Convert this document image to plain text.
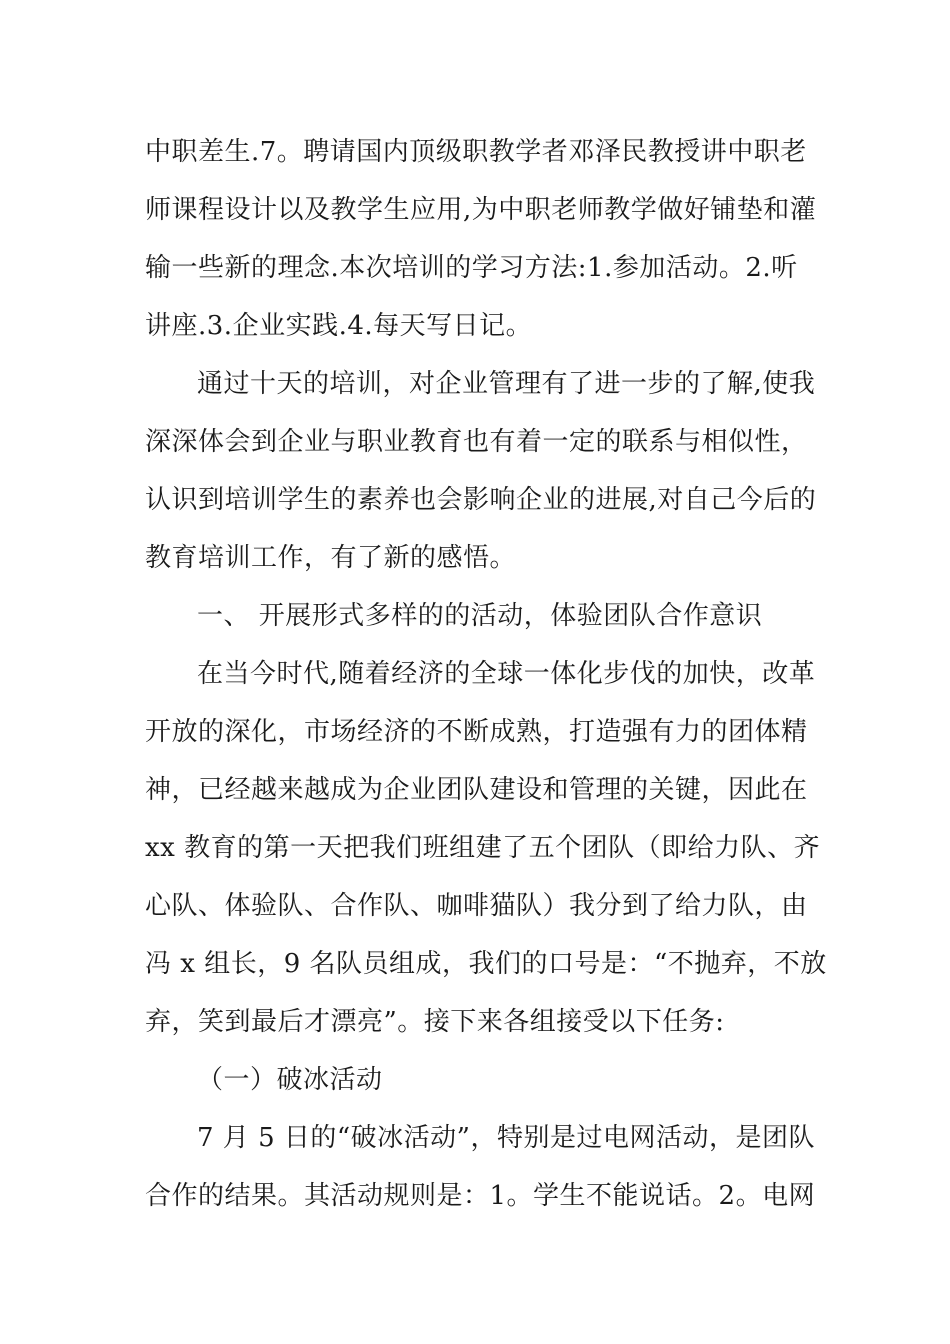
中职差生.7。聘请国内顶级职教学者邓泽民教授讲中职老
师课程设计以及教学生应用,为中职老师教学做好铺垫和灌
输一些新的理念.本次培训的学习方法:1.参加活动。2.听
讲座.3.企业实践.4.每天写日记。
通过十天的培训，对企业管理有了进一步的了解,使我
深深体会到企业与职业教育也有着一定的联系与相似性，
认识到培训学生的素养也会影响企业的进展,对自己今后的
教育培训工作，有了新的感悟。
一、 开展形式多样的的活动，体验团队合作意识
在当今时代,随着经济的全球一体化步伐的加快，改革
开放的深化，市场经济的不断成熟，打造强有力的团体精
神，已经越来越成为企业团队建设和管理的关键，因此在
xx 教育的第一天把我们班组建了五个团队（即给力队、齐
心队、体验队、合作队、咖啡猫队）我分到了给力队，由
冯 x 组长，9 名队员组成，我们的口号是：“不抛弃，不放
弃，笑到最后才漂亮”。接下来各组接受以下任务:
（一）破冰活动
7 月 5 日的“破冰活动”，特别是过电网活动，是团队
合作的结果。其活动规则是：1。学生不能说话。2。电网
